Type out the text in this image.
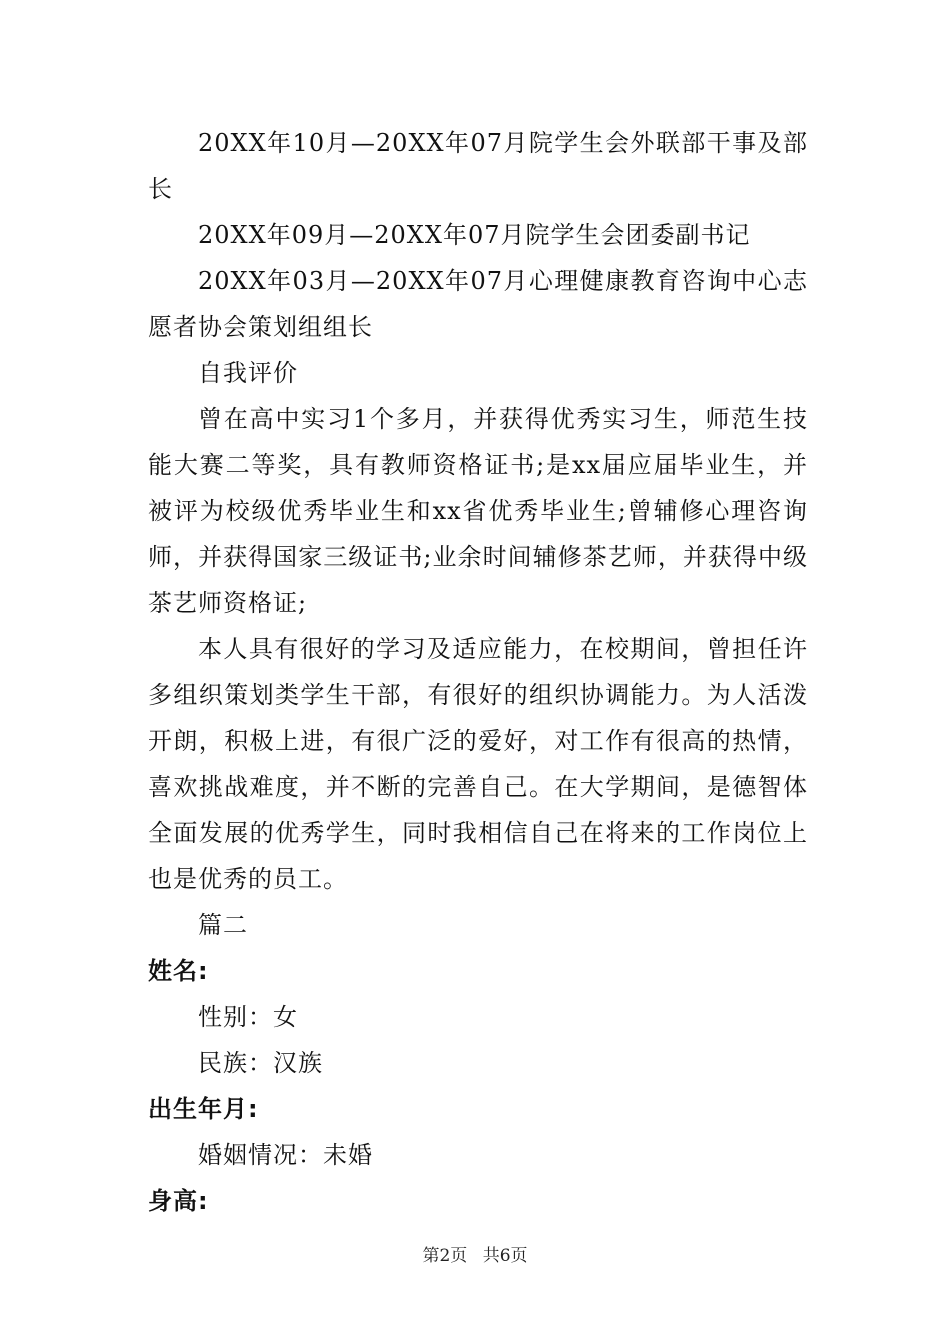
20XX年10月—20XX年07月院学生会外联部干事及部长

20XX年09月—20XX年07月院学生会团委副书记

20XX年03月—20XX年07月心理健康教育咨询中心志愿者协会策划组组长

自我评价

曾在高中实习1个多月，并获得优秀实习生，师范生技能大赛二等奖，具有教师资格证书;是xx届应届毕业生，并被评为校级优秀毕业生和xx省优秀毕业生;曾辅修心理咨询师，并获得国家三级证书;业余时间辅修茶艺师，并获得中级茶艺师资格证;

本人具有很好的学习及适应能力，在校期间，曾担任许多组织策划类学生干部，有很好的组织协调能力。为人活泼开朗，积极上进，有很广泛的爱好，对工作有很高的热情，喜欢挑战难度，并不断的完善自己。在大学期间，是德智体全面发展的优秀学生，同时我相信自己在将来的工作岗位上也是优秀的员工。

篇二

姓名:

性别：女

民族：汉族

出生年月:

婚姻情况：未婚

身高:

第2页 共6页
